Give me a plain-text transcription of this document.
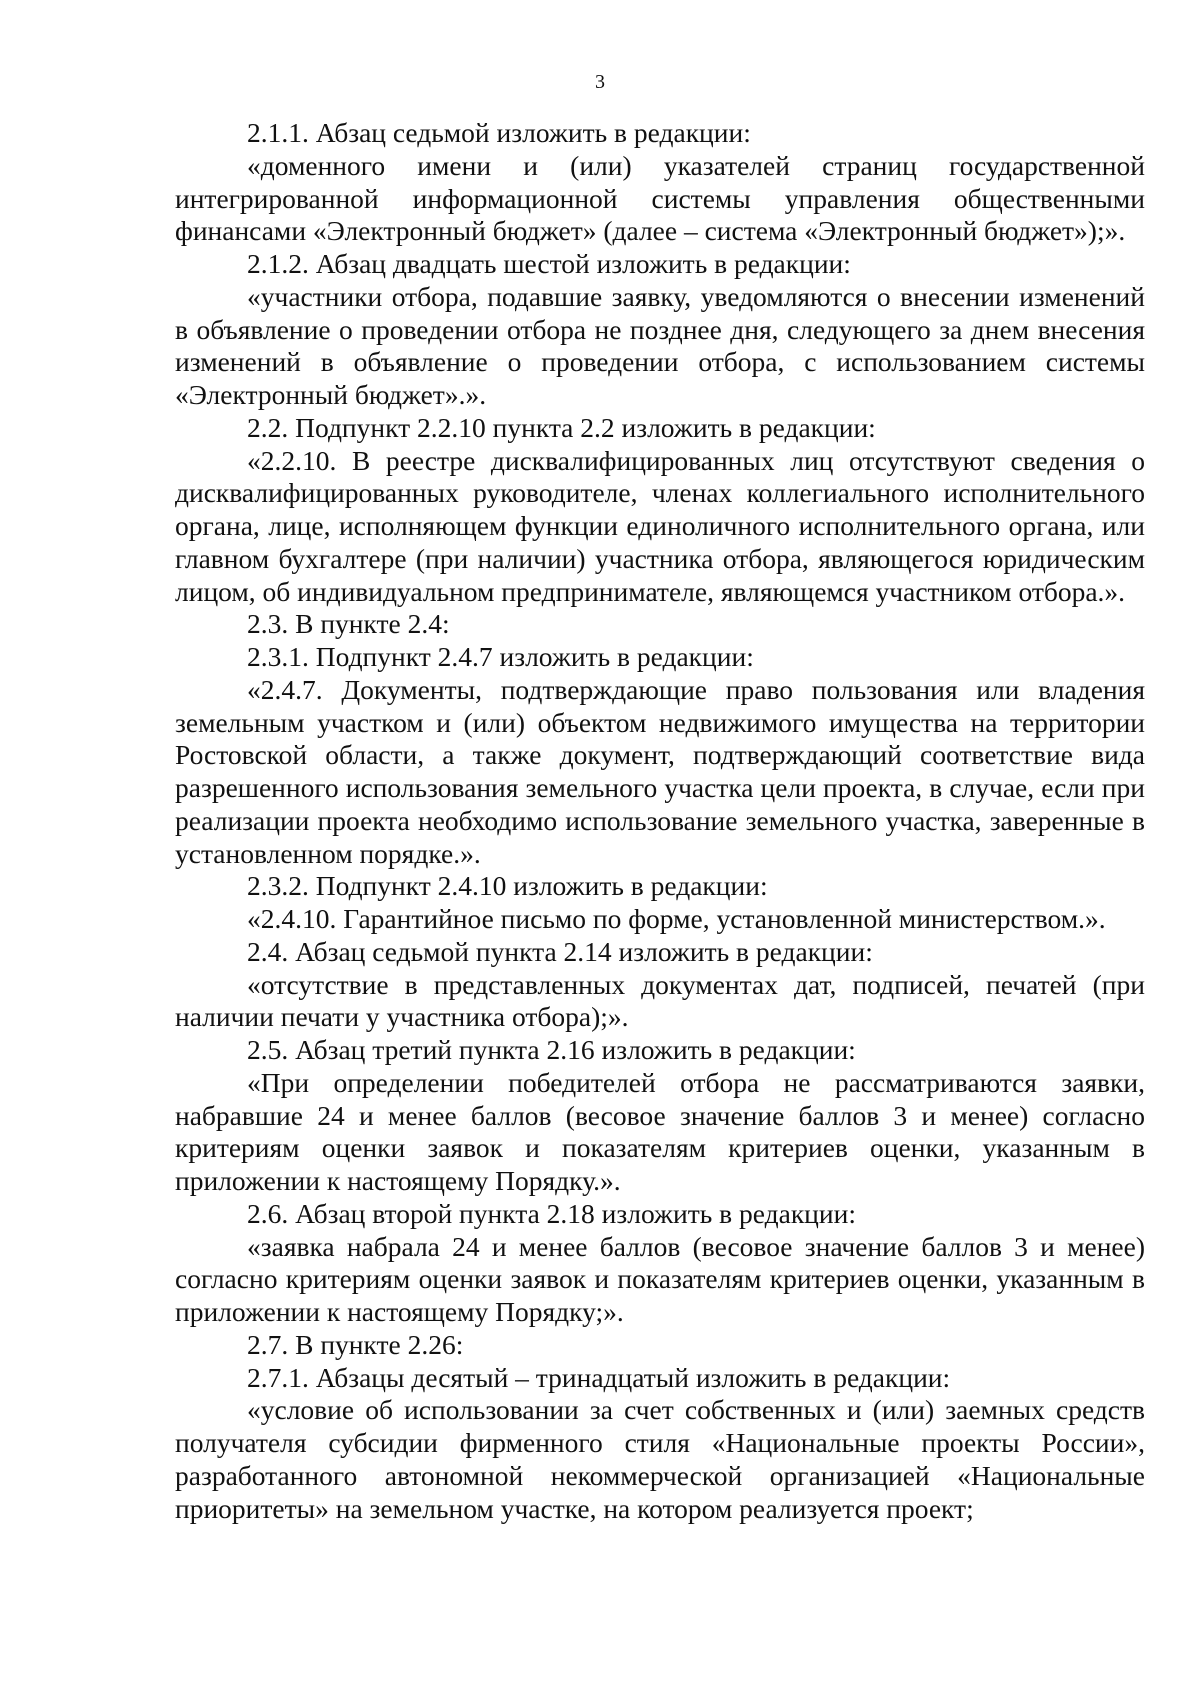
3

2.1.1. Абзац седьмой изложить в редакции:

«доменного имени и (или) указателей страниц государственной интегрированной информационной системы управления общественными финансами «Электронный бюджет» (далее – система «Электронный бюджет»);».

2.1.2. Абзац двадцать шестой изложить в редакции:

«участники отбора, подавшие заявку, уведомляются о внесении изменений в объявление о проведении отбора не позднее дня, следующего за днем внесения изменений в объявление о проведении отбора, с использованием системы «Электронный бюджет».».

2.2. Подпункт 2.2.10 пункта 2.2 изложить в редакции:

«2.2.10. В реестре дисквалифицированных лиц отсутствуют сведения о дисквалифицированных руководителе, членах коллегиального исполнительного органа, лице, исполняющем функции единоличного исполнительного органа, или главном бухгалтере (при наличии) участника отбора, являющегося юридическим лицом, об индивидуальном предпринимателе, являющемся участником отбора.».

2.3. В пункте 2.4:

2.3.1. Подпункт 2.4.7 изложить в редакции:

«2.4.7. Документы, подтверждающие право пользования или владения земельным участком и (или) объектом недвижимого имущества на территории Ростовской области, а также документ, подтверждающий соответствие вида разрешенного использования земельного участка цели проекта, в случае, если при реализации проекта необходимо использование земельного участка, заверенные в установленном порядке.».

2.3.2. Подпункт 2.4.10 изложить в редакции:

«2.4.10. Гарантийное письмо по форме, установленной министерством.».

2.4. Абзац седьмой пункта 2.14 изложить в редакции:

«отсутствие в представленных документах дат, подписей, печатей (при наличии печати у участника отбора);».

2.5. Абзац третий пункта 2.16 изложить в редакции:

«При определении победителей отбора не рассматриваются заявки, набравшие 24 и менее баллов (весовое значение баллов 3 и менее) согласно критериям оценки заявок и показателям критериев оценки, указанным в приложении к настоящему Порядку.».

2.6. Абзац второй пункта 2.18 изложить в редакции:

«заявка набрала 24 и менее баллов (весовое значение баллов 3 и менее) согласно критериям оценки заявок и показателям критериев оценки, указанным в приложении к настоящему Порядку;».

2.7. В пункте 2.26:

2.7.1. Абзацы десятый – тринадцатый изложить в редакции:

«условие об использовании за счет собственных и (или) заемных средств получателя субсидии фирменного стиля «Национальные проекты России», разработанного автономной некоммерческой организацией «Национальные приоритеты» на земельном участке, на котором реализуется проект;
